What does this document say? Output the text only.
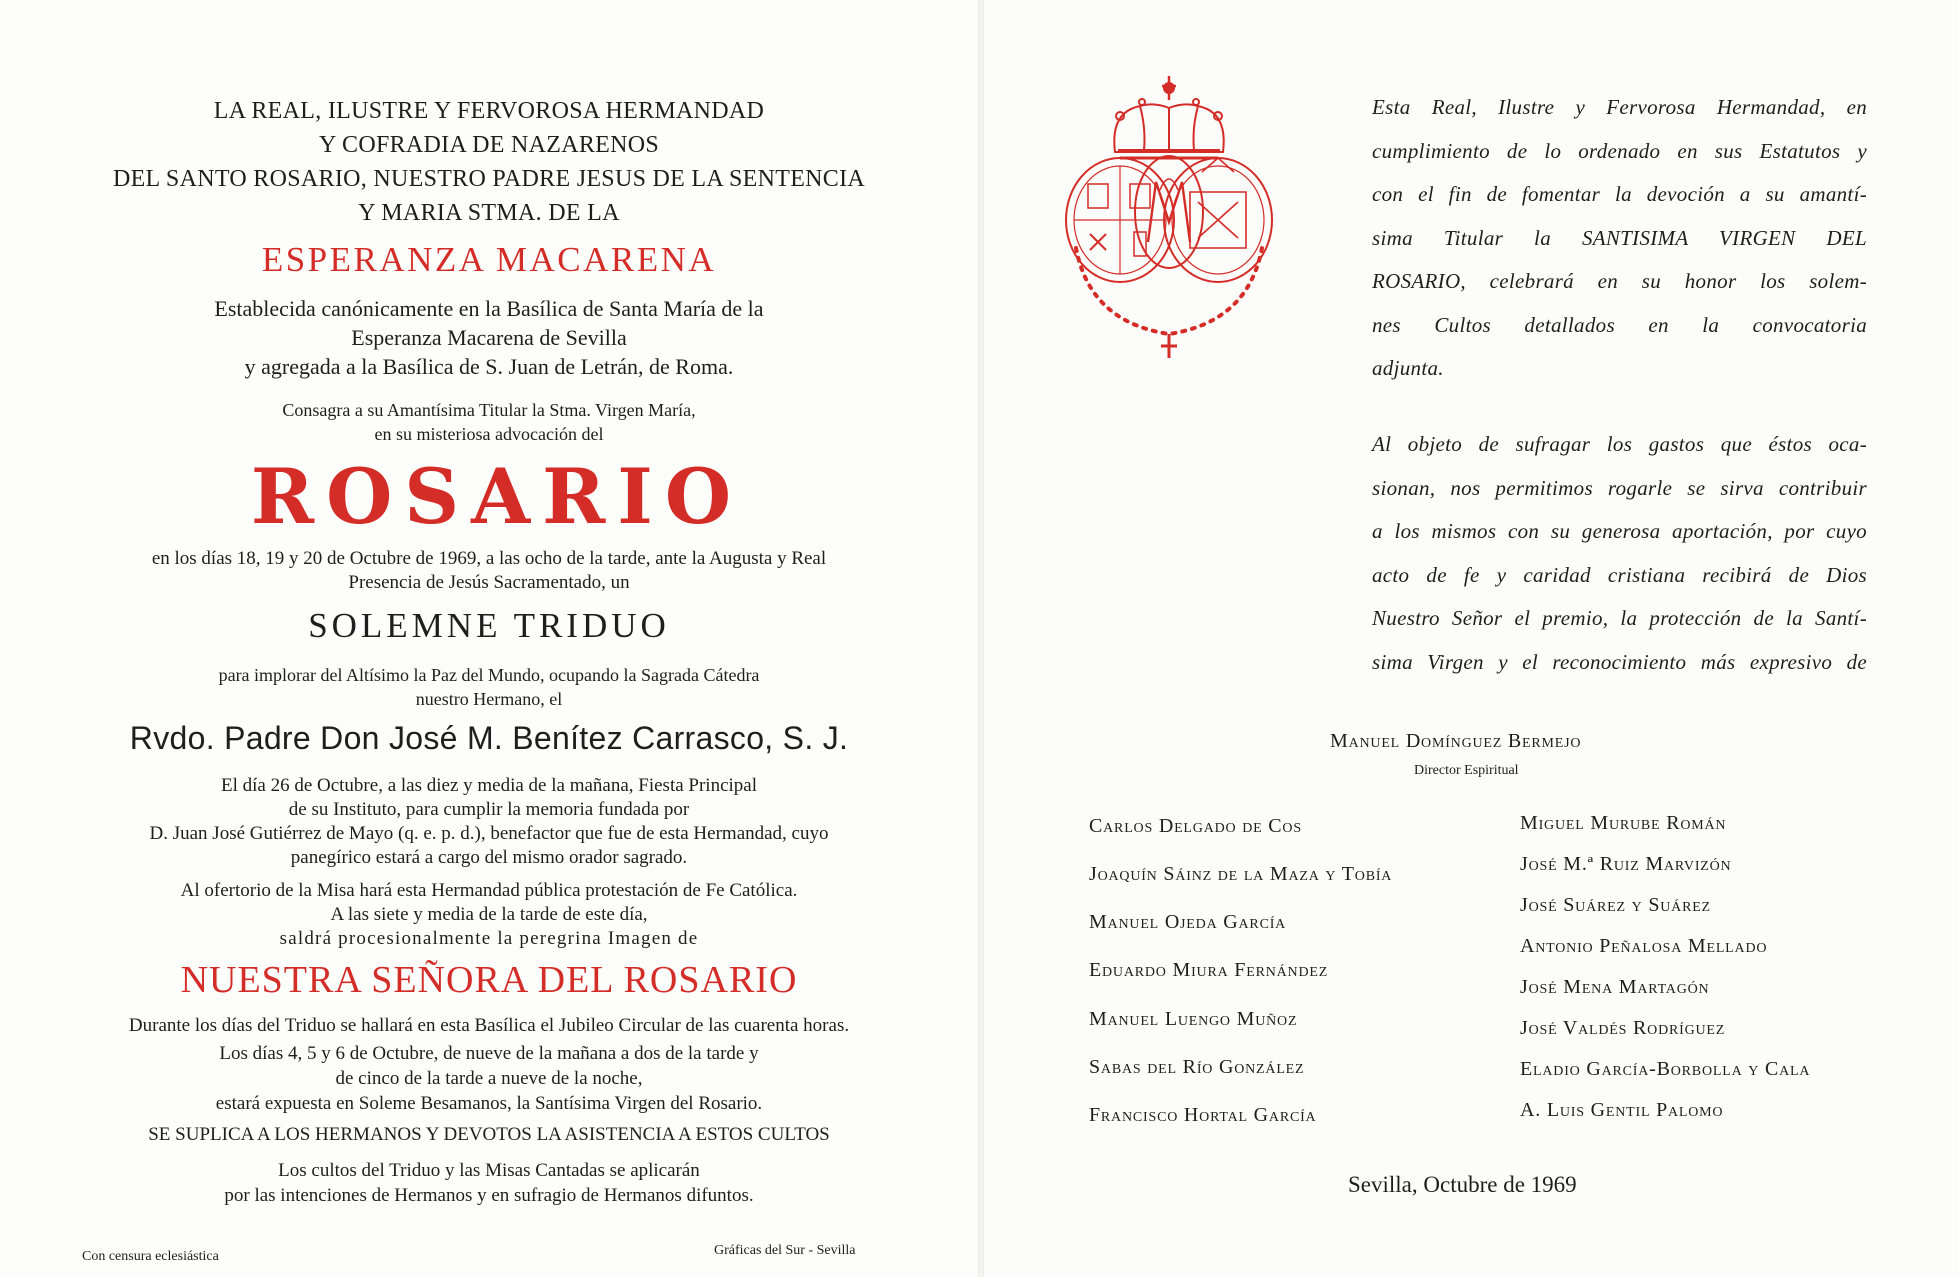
LA REAL, ILUSTRE Y FERVOROSA HERMANDAD
Y COFRADIA DE NAZARENOS
DEL SANTO ROSARIO, NUESTRO PADRE JESUS DE LA SENTENCIA
Y MARIA STMA. DE LA
ESPERANZA MACARENA
Establecida canónicamente en la Basílica de Santa María de la
Esperanza Macarena de Sevilla
y agregada a la Basílica de S. Juan de Letrán, de Roma.
Consagra a su Amantísima Titular la Stma. Virgen María,
en su misteriosa advocación del
ROSARIO
en los días 18, 19 y 20 de Octubre de 1969, a las ocho de la tarde, ante la Augusta y Real
Presencia de Jesús Sacramentado, un
SOLEMNE TRIDUO
para implorar del Altísimo la Paz del Mundo, ocupando la Sagrada Cátedra
nuestro Hermano, el
Rvdo. Padre Don José M. Benítez Carrasco, S. J.
El día 26 de Octubre, a las diez y media de la mañana, Fiesta Principal
de su Instituto, para cumplir la memoria fundada por
D. Juan José Gutiérrez de Mayo (q. e. p. d.), benefactor que fue de esta Hermandad, cuyo
panegírico estará a cargo del mismo orador sagrado.
Al ofertorio de la Misa hará esta Hermandad pública protestación de Fe Católica.
A las siete y media de la tarde de este día,
saldrá procesionalmente la peregrina Imagen de
NUESTRA SEÑORA DEL ROSARIO
Durante los días del Triduo se hallará en esta Basílica el Jubileo Circular de las cuarenta horas.
Los días 4, 5 y 6 de Octubre, de nueve de la mañana a dos de la tarde y
de cinco de la tarde a nueve de la noche,
estará expuesta en Soleme Besamanos, la Santísima Virgen del Rosario.
SE SUPLICA A LOS HERMANOS Y DEVOTOS LA ASISTENCIA A ESTOS CULTOS
Los cultos del Triduo y las Misas Cantadas se aplicarán
por las intenciones de Hermanos y en sufragio de Hermanos difuntos.
Con censura eclesiástica	Gráficas del Sur - Sevilla
Esta Real, Ilustre y Fervorosa Hermandad, en
cumplimiento de lo ordenado en sus Estatutos y
con el fin de fomentar la devoción a su amantí-
sima Titular la SANTISIMA VIRGEN DEL
ROSARIO, celebrará en su honor los solem-
nes Cultos detallados en la convocatoria
adjunta.
Al objeto de sufragar los gastos que éstos oca-
sionan, nos permitimos rogarle se sirva contribuir
a los mismos con su generosa aportación, por cuyo
acto de fe y caridad cristiana recibirá de Dios
Nuestro Señor el premio, la protección de la Santí-
sima Virgen y el reconocimiento más expresivo de
Manuel Domínguez Bermejo
Director Espiritual
Carlos Delgado de Cos
Joaquín Sáinz de la Maza y Tobía
Manuel Ojeda García
Eduardo Miura Fernández
Manuel Luengo Muñoz
Sabas del Río González
Francisco Hortal García
Miguel Murube Román
José M.ª Ruiz Marvizón
José Suárez y Suárez
Antonio Peñalosa Mellado
José Mena Martagón
José Valdés Rodríguez
Eladio García-Borbolla y Cala
A. Luis Gentil Palomo
Sevilla, Octubre de 1969
